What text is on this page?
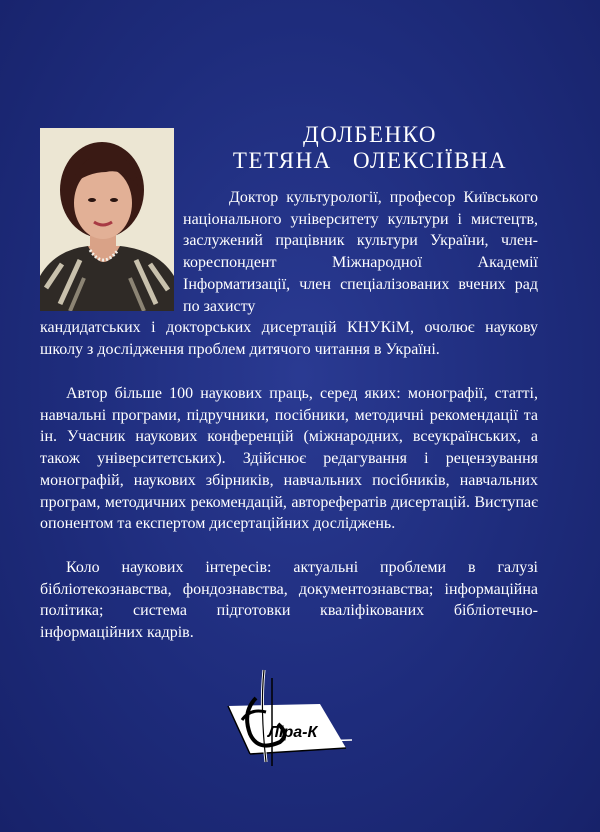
ДОЛБЕНКО
ТЕТЯНА ОЛЕКСІЇВНА

Доктор культурології, професор Київського національного університету культури і мистецтв, заслужений працівник культури України, член-кореспондент Міжнародної Академії Інформатизації, член спеціалізованих вчених рад по захисту

кандидатських і докторських дисертацій КНУКіМ, очолює наукову школу з дослідження проблем дитячого читання в Україні.

Автор більше 100 наукових праць, серед яких: монографії, статті, навчальні програми, підручники, посібники, методичні рекомендації та ін. Учасник наукових конференцій (міжнародних, всеукраїнських, а також університетських). Здійснює редагування і рецензування монографій, наукових збірників, навчальних посібників, навчальних програм, методичних рекомендацій, авторефератів дисертацій. Виступає опонентом та експертом дисертаційних досліджень.

Коло наукових інтересів: актуальні проблеми в галузі бібліотекознавства, фондознавства, документознавства; інформаційна політика; система підготовки кваліфікованих бібліотечно-інформаційних кадрів.

Ліра-К
